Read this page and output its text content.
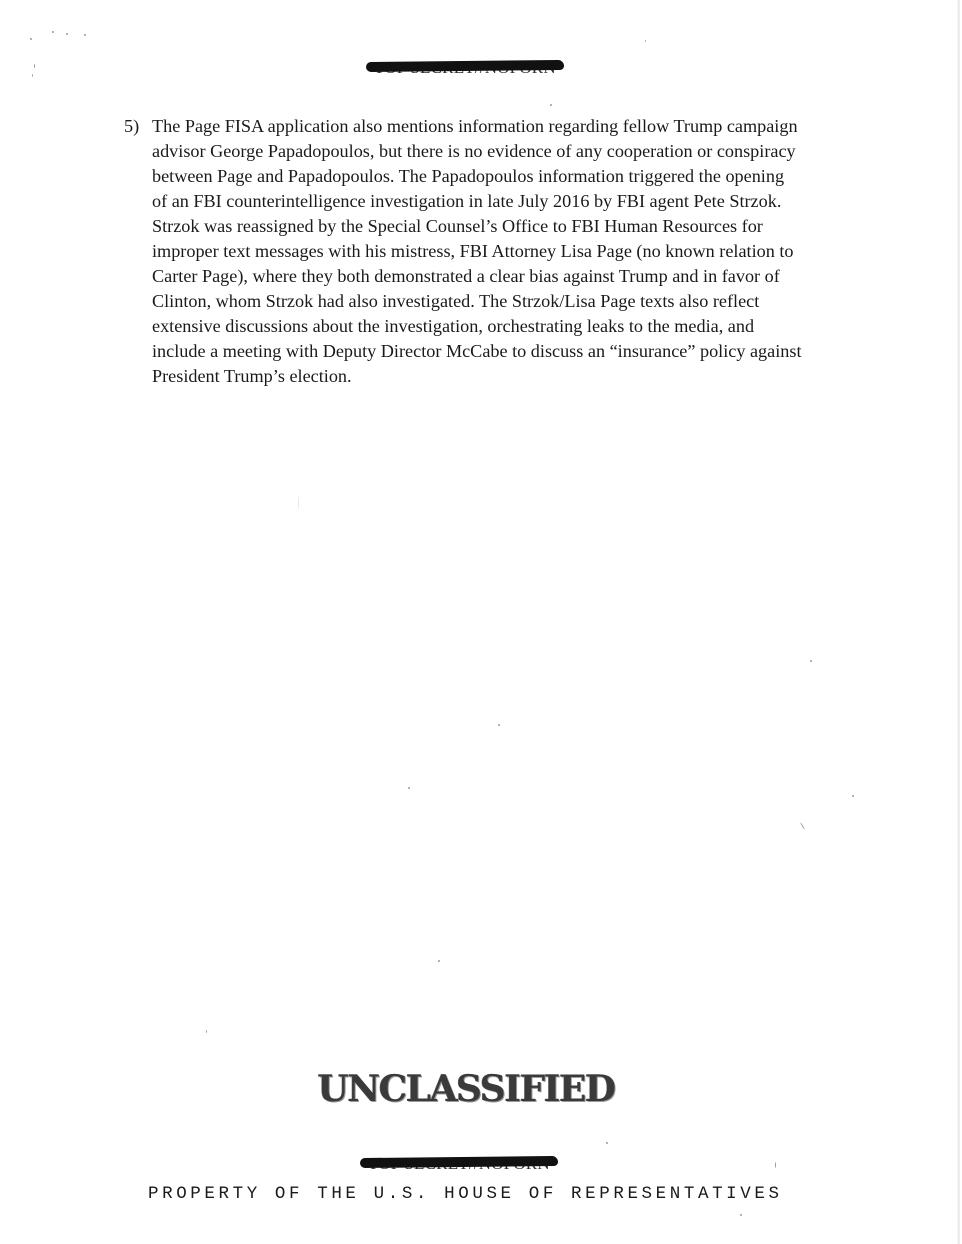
5) The Page FISA application also mentions information regarding fellow Trump campaign
advisor George Papadopoulos, but there is no evidence of any cooperation or conspiracy
between Page and Papadopoulos. The Papadopoulos information triggered the opening
of an FBI counterintelligence investigation in late July 2016 by FBI agent Pete Strzok.
Strzok was reassigned by the Special Counsel’s Office to FBI Human Resources for
improper text messages with his mistress, FBI Attorney Lisa Page (no known relation to
Carter Page), where they both demonstrated a clear bias against Trump and in favor of
Clinton, whom Strzok had also investigated. The Strzok/Lisa Page texts also reflect
extensive discussions about the investigation, orchestrating leaks to the media, and
include a meeting with Deputy Director McCabe to discuss an “insurance” policy against
President Trump’s election.
UNCLASSIFIED
PROPERTY OF THE U.S. HOUSE OF REPRESENTATIVES
